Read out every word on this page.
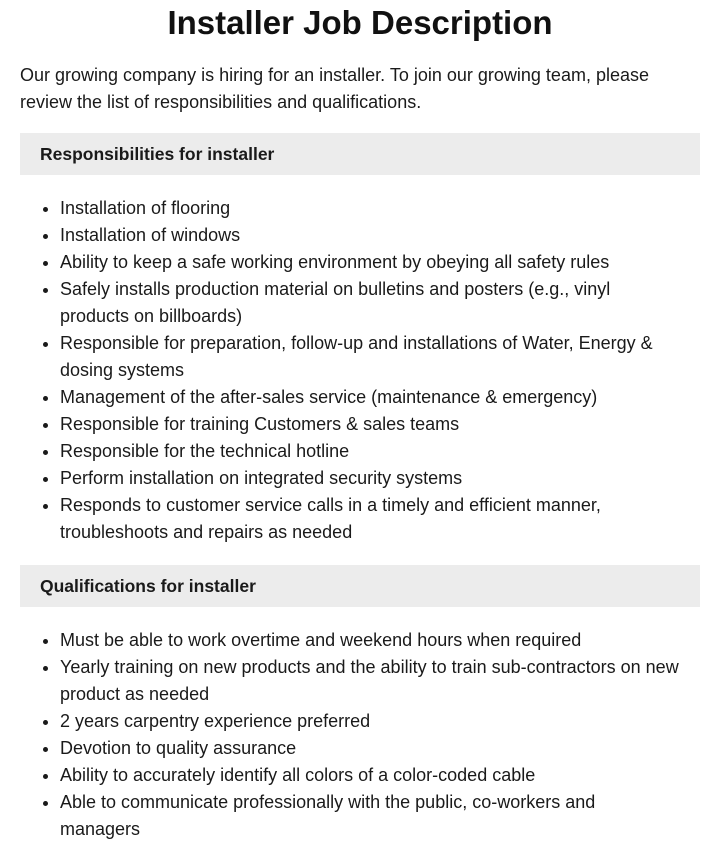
Installer Job Description

Our growing company is hiring for an installer. To join our growing team, please review the list of responsibilities and qualifications.

Responsibilities for installer
• Installation of flooring
• Installation of windows
• Ability to keep a safe working environment by obeying all safety rules
• Safely installs production material on bulletins and posters (e.g., vinyl products on billboards)
• Responsible for preparation, follow-up and installations of Water, Energy & dosing systems
• Management of the after-sales service (maintenance & emergency)
• Responsible for training Customers & sales teams
• Responsible for the technical hotline
• Perform installation on integrated security systems
• Responds to customer service calls in a timely and efficient manner, troubleshoots and repairs as needed
Qualifications for installer
• Must be able to work overtime and weekend hours when required
• Yearly training on new products and the ability to train sub-contractors on new product as needed
• 2 years carpentry experience preferred
• Devotion to quality assurance
• Ability to accurately identify all colors of a color-coded cable
• Able to communicate professionally with the public, co-workers and managers
